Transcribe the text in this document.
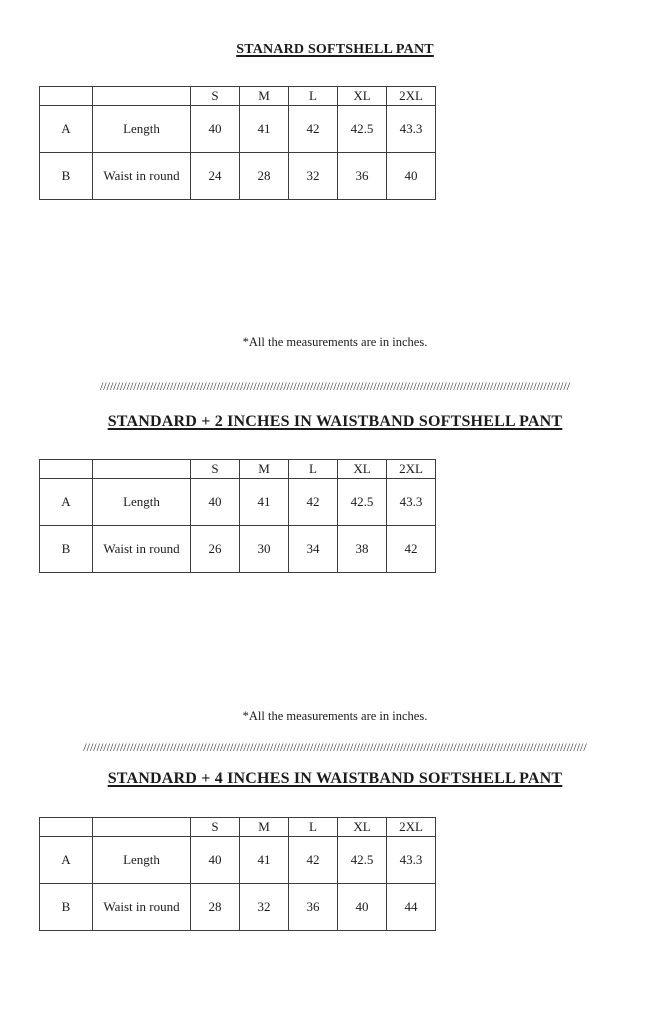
STANARD SOFTSHELL PANT
		S	M	L	XL	2XL
A	Length	40	41	42	42.5	43.3
B	Waist in round	24	28	32	36	40

*All the measurements are in inches.

/////////////////////////////////////////////////////////////////////////////////////////////////////////////////////////////////////////////
STANDARD + 2 INCHES IN WAISTBAND SOFTSHELL PANT
		S	M	L	XL	2XL
A	Length	40	41	42	42.5	43.3
B	Waist in round	26	30	34	38	42

*All the measurements are in inches.

///////////////////////////////////////////////////////////////////////////////////////////////////////////////////////////////////////////////////////
STANDARD + 4 INCHES IN WAISTBAND SOFTSHELL PANT
		S	M	L	XL	2XL
A	Length	40	41	42	42.5	43.3
B	Waist in round	28	32	36	40	44
